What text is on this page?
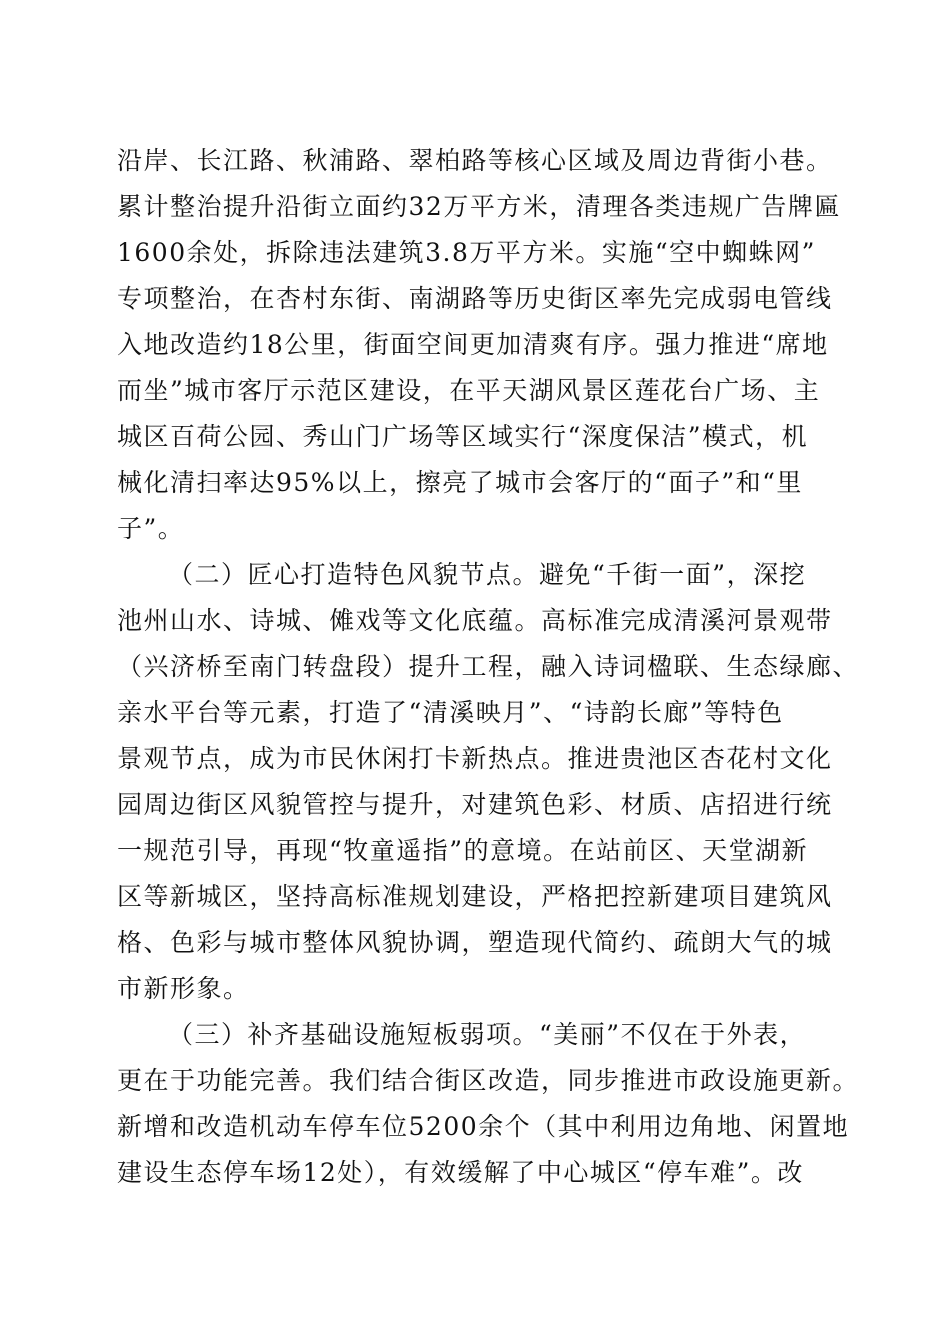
沿岸、长江路、秋浦路、翠柏路等核心区域及周边背街小巷。
累计整治提升沿街立面约32万平方米，清理各类违规广告牌匾
1600余处，拆除违法建筑3.8万平方米。实施“空中蜘蛛网”
专项整治，在杏村东街、南湖路等历史街区率先完成弱电管线
入地改造约18公里，街面空间更加清爽有序。强力推进“席地
而坐”城市客厅示范区建设，在平天湖风景区莲花台广场、主
城区百荷公园、秀山门广场等区域实行“深度保洁”模式，机
械化清扫率达95%以上，擦亮了城市会客厅的“面子”和“里
子”。
（二）匠心打造特色风貌节点。避免“千街一面”，深挖
池州山水、诗城、傩戏等文化底蕴。高标准完成清溪河景观带
（兴济桥至南门转盘段）提升工程，融入诗词楹联、生态绿廊、
亲水平台等元素，打造了“清溪映月”、“诗韵长廊”等特色
景观节点，成为市民休闲打卡新热点。推进贵池区杏花村文化
园周边街区风貌管控与提升，对建筑色彩、材质、店招进行统
一规范引导，再现“牧童遥指”的意境。在站前区、天堂湖新
区等新城区，坚持高标准规划建设，严格把控新建项目建筑风
格、色彩与城市整体风貌协调，塑造现代简约、疏朗大气的城
市新形象。
（三）补齐基础设施短板弱项。“美丽”不仅在于外表，
更在于功能完善。我们结合街区改造，同步推进市政设施更新。
新增和改造机动车停车位5200余个（其中利用边角地、闲置地
建设生态停车场12处），有效缓解了中心城区“停车难”。改
